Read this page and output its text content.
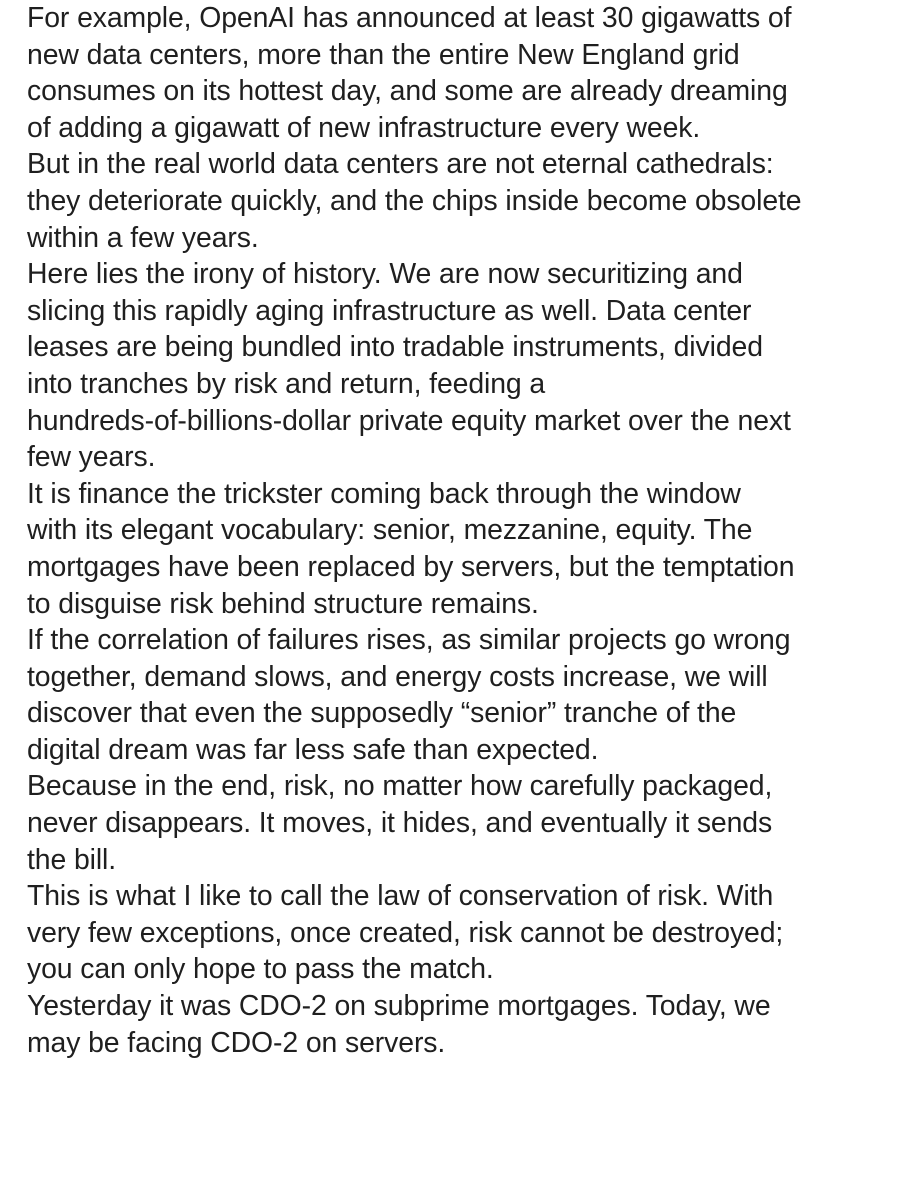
For example, OpenAI has announced at least 30 gigawatts of
new data centers, more than the entire New England grid
consumes on its hottest day, and some are already dreaming
of adding a gigawatt of new infrastructure every week.

But in the real world data centers are not eternal cathedrals:
they deteriorate quickly, and the chips inside become obsolete
within a few years.

Here lies the irony of history. We are now securitizing and
slicing this rapidly aging infrastructure as well. Data center
leases are being bundled into tradable instruments, divided
into tranches by risk and return, feeding a
hundreds-of-billions-dollar private equity market over the next
few years.

It is finance the trickster coming back through the window
with its elegant vocabulary: senior, mezzanine, equity. The
mortgages have been replaced by servers, but the temptation
to disguise risk behind structure remains.

If the correlation of failures rises, as similar projects go wrong
together, demand slows, and energy costs increase, we will
discover that even the supposedly “senior” tranche of the
digital dream was far less safe than expected.

Because in the end, risk, no matter how carefully packaged,
never disappears. It moves, it hides, and eventually it sends
the bill.

This is what I like to call the law of conservation of risk. With
very few exceptions, once created, risk cannot be destroyed;
you can only hope to pass the match.

Yesterday it was CDO-2 on subprime mortgages. Today, we
may be facing CDO-2 on servers.
